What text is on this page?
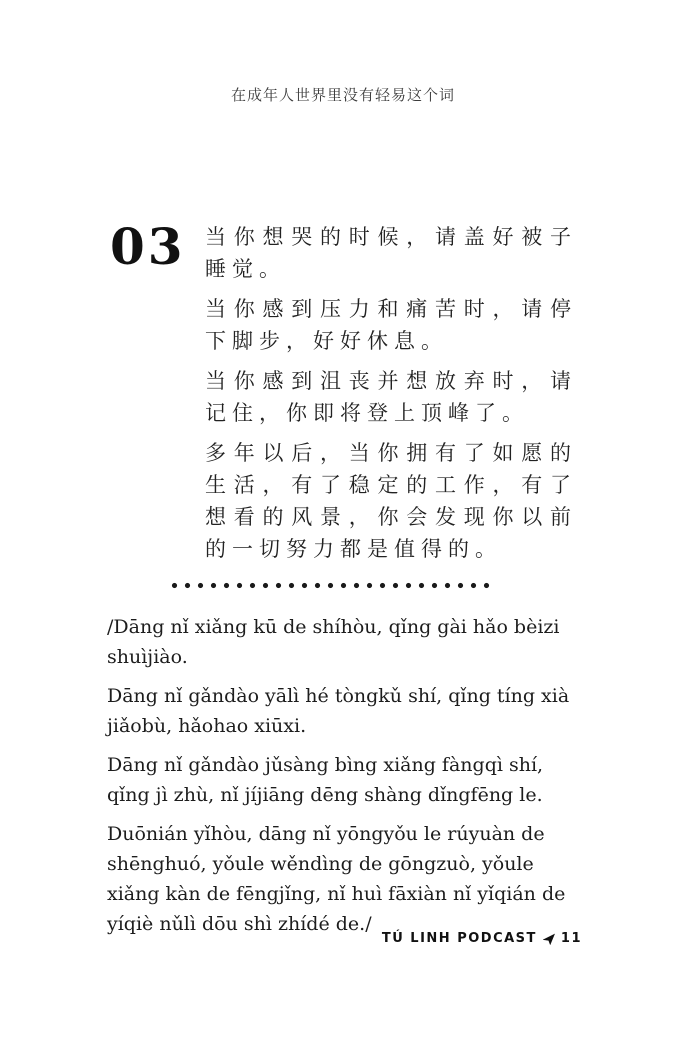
在成年人世界里没有轻易这个词
03 当你想哭的时候，请盖好被子睡觉。

当你感到压力和痛苦时，请停下脚步，好好休息。

当你感到沮丧并想放弃时，请记住，你即将登上顶峰了。

多年以后，当你拥有了如愿的生活，有了稳定的工作，有了想看的风景，你会发现你以前的一切努力都是值得的。

/Dāng nǐ xiǎng kū de shíhòu, qǐng gài hǎo bèizi shuìjiào.

Dāng nǐ gǎndào yālì hé tòngkǔ shí, qǐng tíng xià jiǎobù, hǎohao xiūxi.

Dāng nǐ gǎndào jǔsàng bìng xiǎng fàngqì shí, qǐng jì zhù, nǐ jíjiāng dēng shàng dǐngfēng le.

Duōnián yǐhòu, dāng nǐ yōngyǒu le rúyuàn de shēnghuó, yǒule wěndìng de gōngzuò, yǒule xiǎng kàn de fēngjǐng, nǐ huì fāxiàn nǐ yǐqián de yíqiè nǔlì dōu shì zhídé de./

TÚ LINH PODCAST 11
